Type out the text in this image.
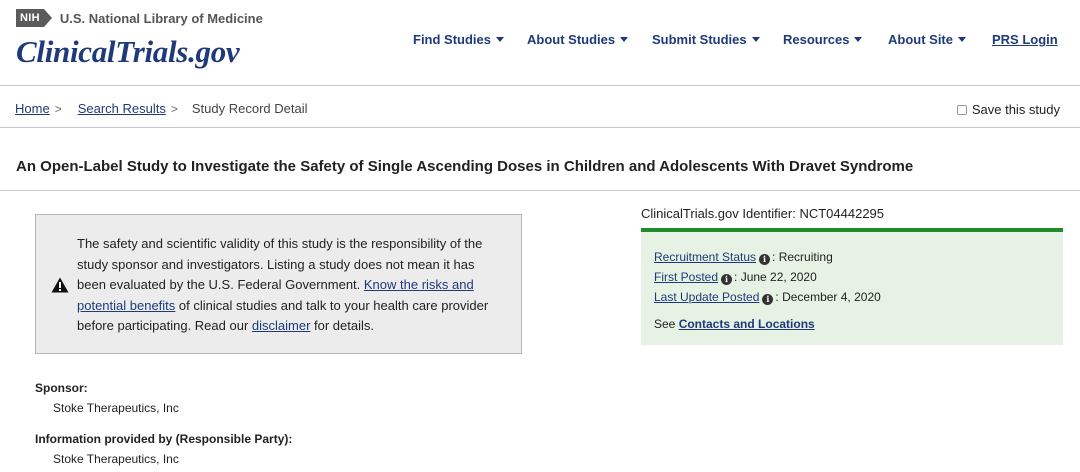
NIH	U.S. National Library of Medicine
ClinicalTrials.gov	Find Studies	About Studies	Submit Studies	Resources	About Site	PRS Login
Home > Search Results > Study Record Detail	Save this study
An Open-Label Study to Investigate the Safety of Single Ascending Doses in Children and Adolescents With Dravet Syndrome

The safety and scientific validity of this study is the responsibility of the study sponsor and investigators. Listing a study does not mean it has been evaluated by the U.S. Federal Government. Know the risks and potential benefits of clinical studies and talk to your health care provider before participating. Read our disclaimer for details.

ClinicalTrials.gov Identifier: NCT04442295
Recruitment Status i : Recruiting
First Posted i : June 22, 2020
Last Update Posted i : December 4, 2020
See Contacts and Locations
Sponsor:
Stoke Therapeutics, Inc
Information provided by (Responsible Party):
Stoke Therapeutics, Inc
